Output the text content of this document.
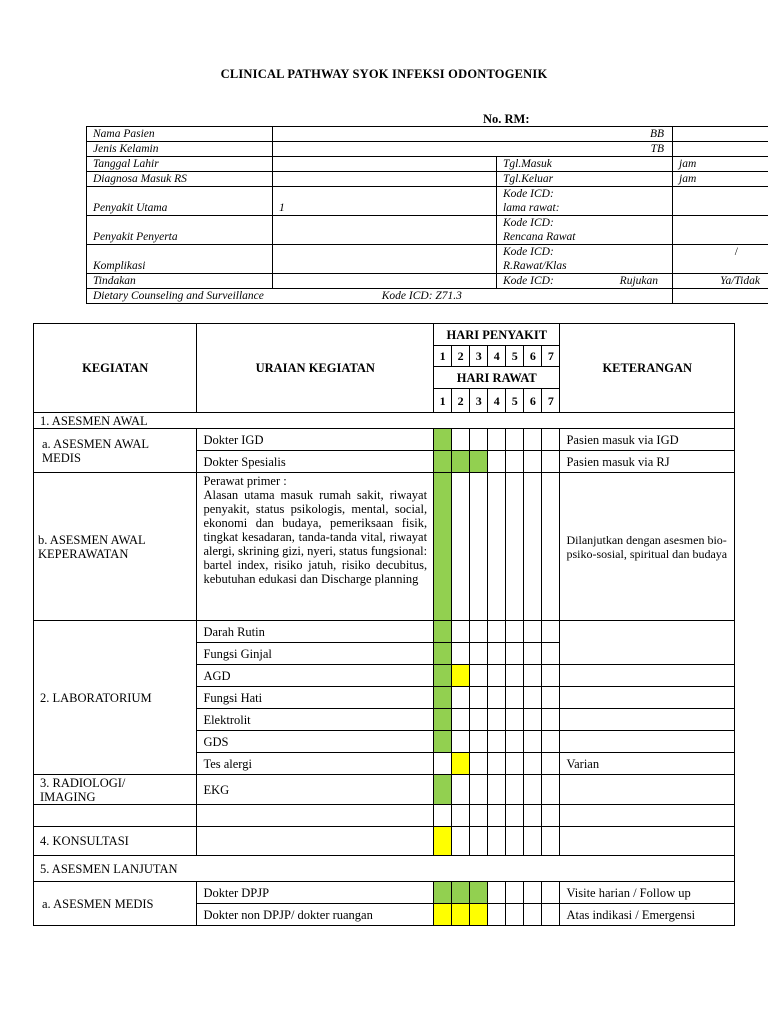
CLINICAL PATHWAY SYOK INFEKSI ODONTOGENIK
No. RM:
Nama Pasien	BB		
Jenis Kelamin	TB		
Tanggal Lahir		Tgl.Masuk	jam
Diagnosa Masuk RS		Tgl.Keluar	jam
Penyakit Utama	1	Kode ICD:
lama rawat:	

Penyakit Penyerta		Kode ICD:
Rencana Rawat	

Komplikasi		Kode ICD:
R.Rawat/Klas	/
Tindakan		Kode ICD: Rujukan	Ya/Tidak
Dietary Counseling and Surveillance Kode ICD: Z71.3			
KEGIATAN	URAIAN KEGIATAN	HARI PENYAKIT							KETERANGAN
		1	2	3	4	5	6	7	
		HARI RAWAT							
		1	2	3	4	5	6	7	
1. ASESMEN AWAL									
a. ASESMEN AWAL MEDIS	Dokter IGD								Pasien masuk via IGD
	Dokter Spesialis								Pasien masuk via RJ
b. ASESMEN AWAL KEPERAWATAN	Perawat primer :
Alasan utama masuk rumah sakit, riwayat penyakit, status psikologis, mental, social, ekonomi dan budaya, pemeriksaan fisik, tingkat kesadaran, tanda-tanda vital, riwayat alergi, skrining gizi, nyeri, status fungsional: bartel index, risiko jatuh, risiko decubitus, kebutuhan edukasi dan Discharge planning								Dilanjutkan dengan asesmen bio-psiko-sosial, spiritual dan budaya
2. LABORATORIUM	Darah Rutin								
	Fungsi Ginjal								
	AGD								
	Fungsi Hati								
	Elektrolit								
	GDS								
	Tes alergi								Varian
3. RADIOLOGI/ IMAGING	EKG								

4. KONSULTASI									
5. ASESMEN LANJUTAN									
a. ASESMEN MEDIS	Dokter DPJP								Visite harian / Follow up
	Dokter non DPJP/ dokter ruangan								Atas indikasi / Emergensi
